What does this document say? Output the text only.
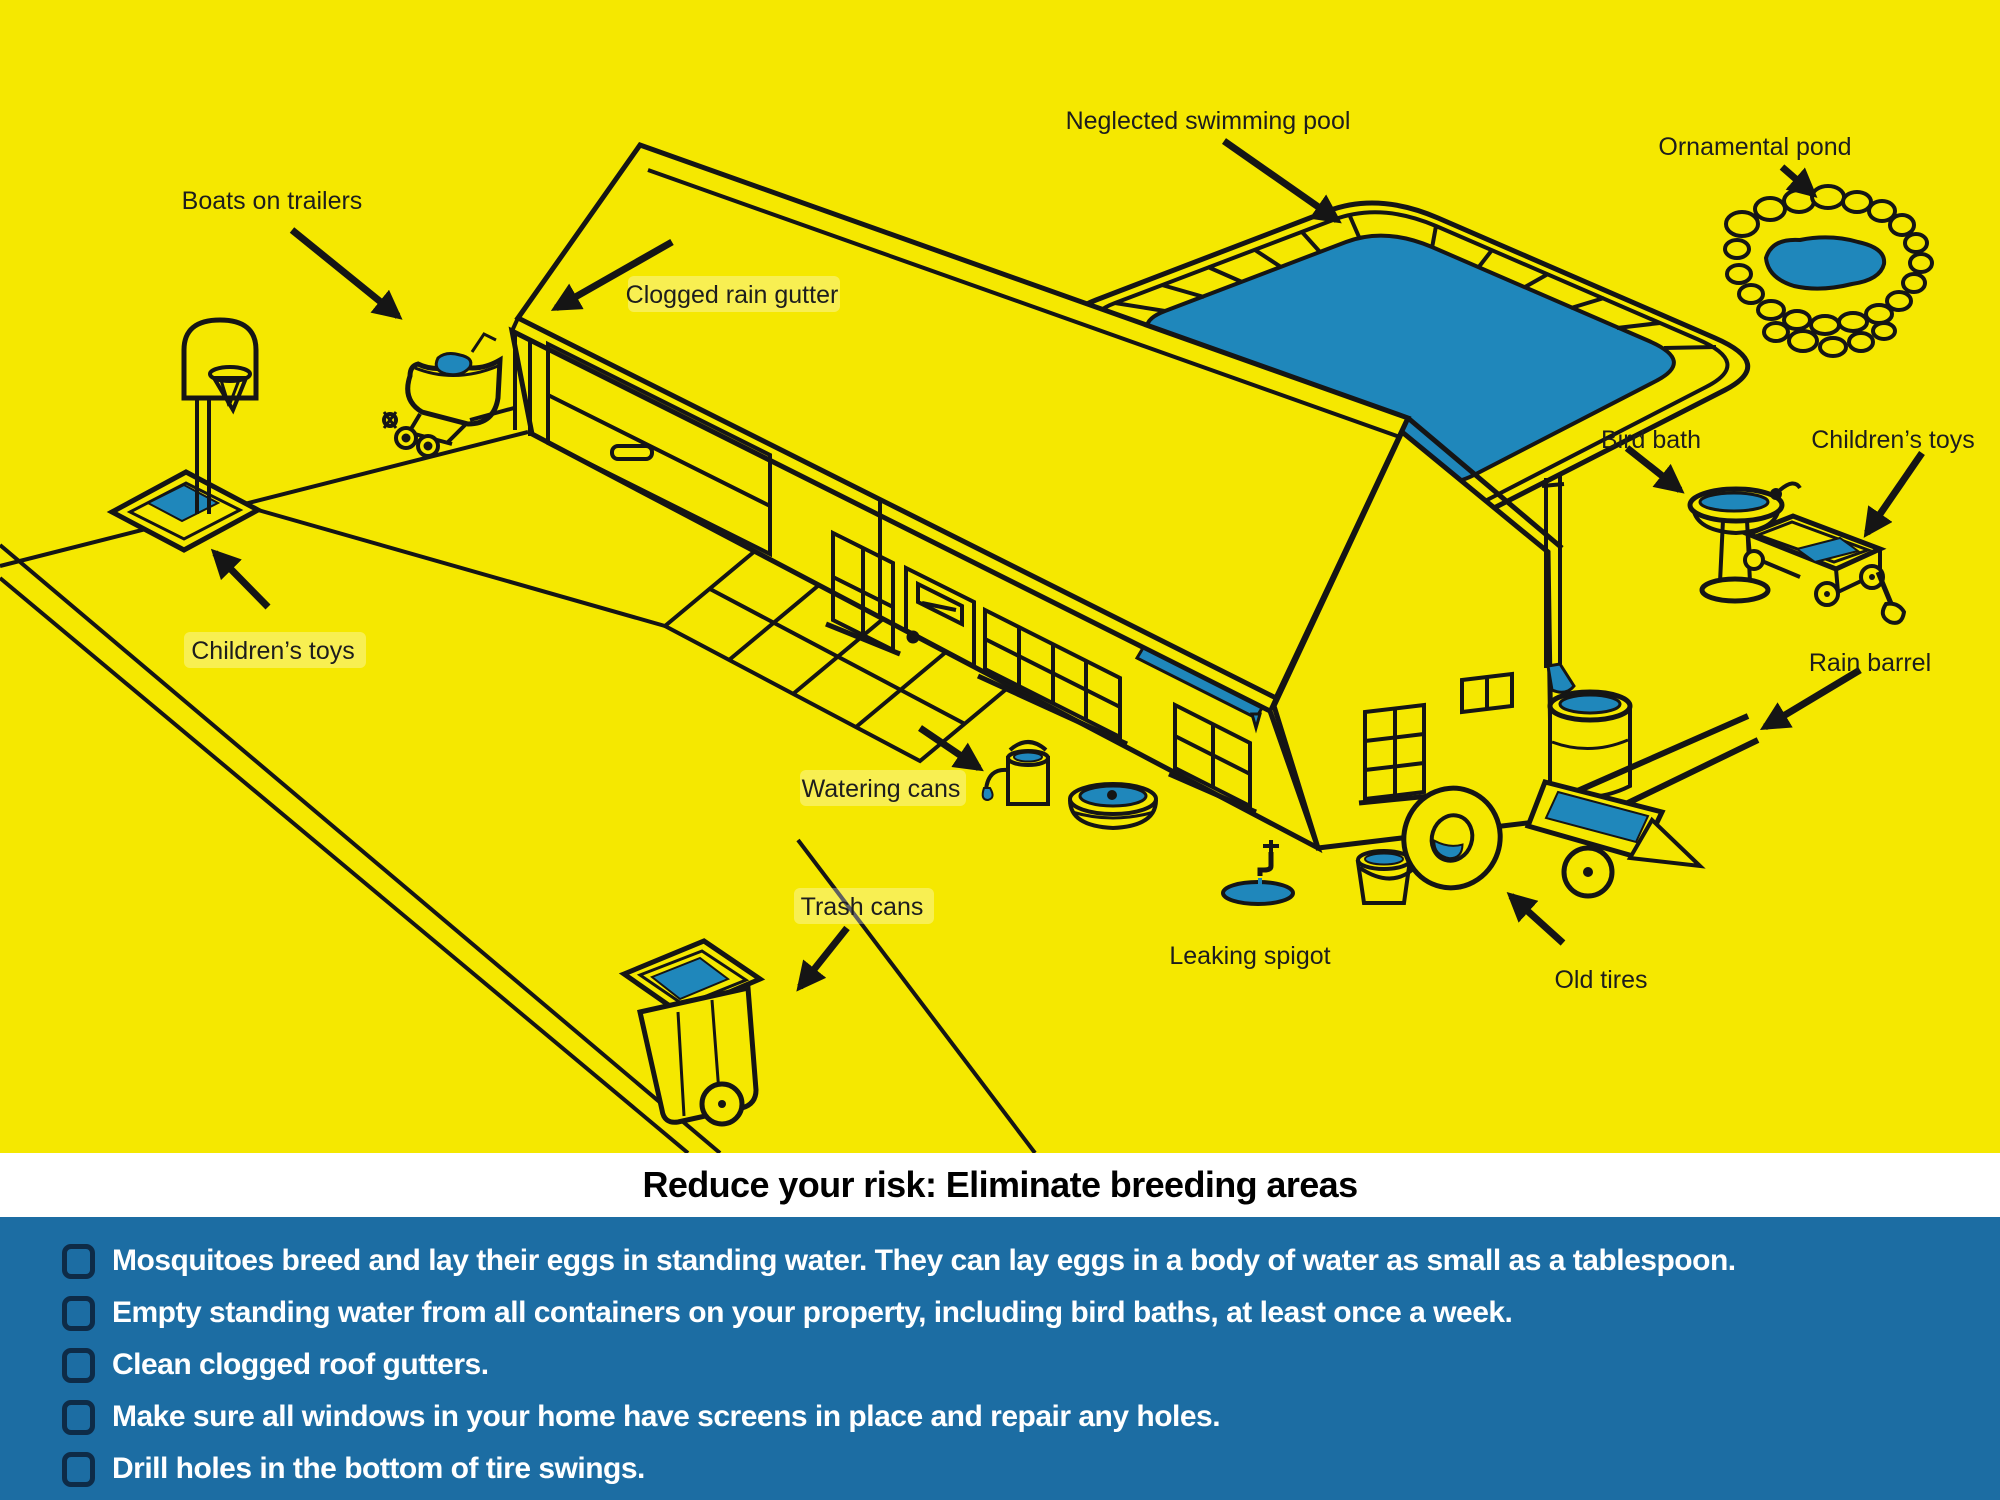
Boats on trailers
Clogged rain gutter
Neglected swimming pool
Ornamental pond
Bird bath	Children’s toys
Children’s toys	Rain barrel
Watering cans
Trash cans
Leaking spigot
Old tires
Reduce your risk: Eliminate breeding areas
Mosquitoes breed and lay their eggs in standing water. They can lay eggs in a body of water as small as a tablespoon.
Empty standing water from all containers on your property, including bird baths, at least once a week.
Clean clogged roof gutters.
Make sure all windows in your home have screens in place and repair any holes.
Drill holes in the bottom of tire swings.
